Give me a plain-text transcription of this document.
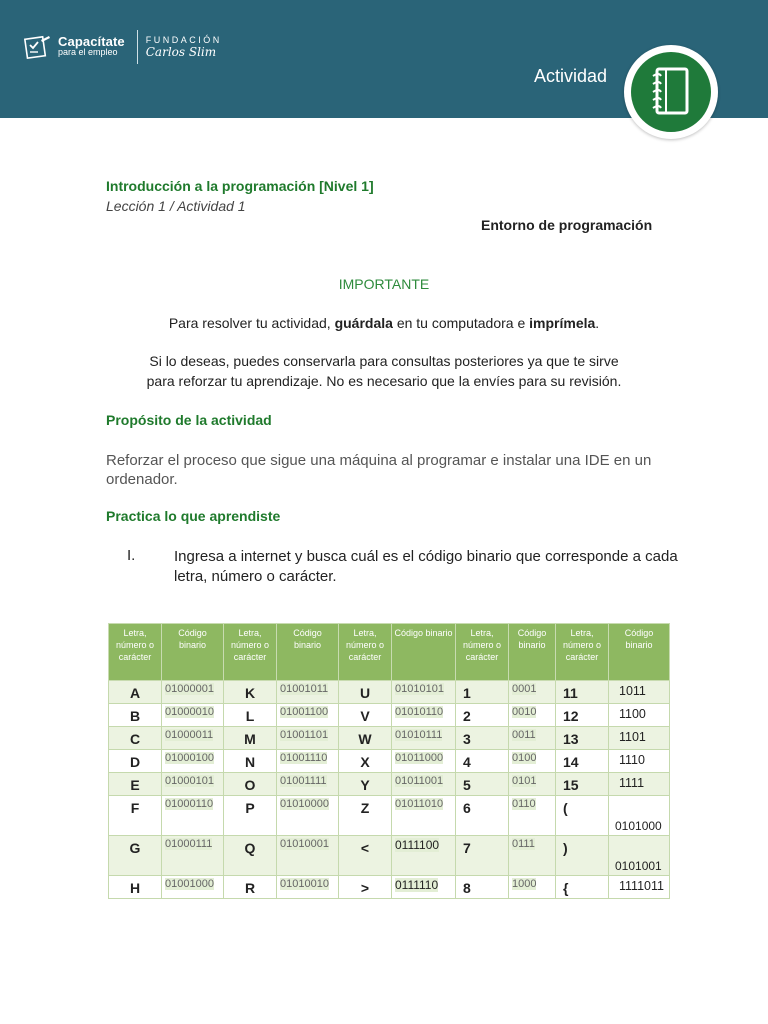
Capacítate
para el empleo
FUNDACIÓN
Carlos Slim
Actividad

Introducción a la programación [Nivel 1]

Lección 1 / Actividad 1

Entorno de programación

IMPORTANTE

Para resolver tu actividad, guárdala en tu computadora e imprímela.

Si lo deseas, puedes conservarla para consultas posteriores ya que te sirve

para reforzar tu aprendizaje. No es necesario que la envíes para su revisión.

Propósito de la actividad

Reforzar el proceso que sigue una máquina al programar e instalar una IDE en un ordenador.

Practica lo que aprendiste

I.	Ingresa a internet y busca cuál es el código binario que corresponde a cada letra, número o carácter.

Letra, número o carácter	Código binario	Letra, número o carácter	Código binario	Letra, número o carácter	Código binario	Letra, número o carácter	Código binario	Letra, número o carácter	Código binario
A	01000001	K	01001011	U	01010101	1	0001	11	1011
B	01000010	L	01001100	V	01010110	2	0010	12	1100
C	01000011	M	01001101	W	01010111	3	0011	13	1101
D	01000100	N	01001110	X	01011000	4	0100	14	1110
E	01000101	O	01001111	Y	01011001	5	0101	15	1111
F	01000110	P	01010000	Z	01011010	6	0110	(	0101000
G	01000111	Q	01010001	<	0111100	7	0111	)	0101001
H	01001000	R	01010010	>	0111110	8	1000	{	1111011
